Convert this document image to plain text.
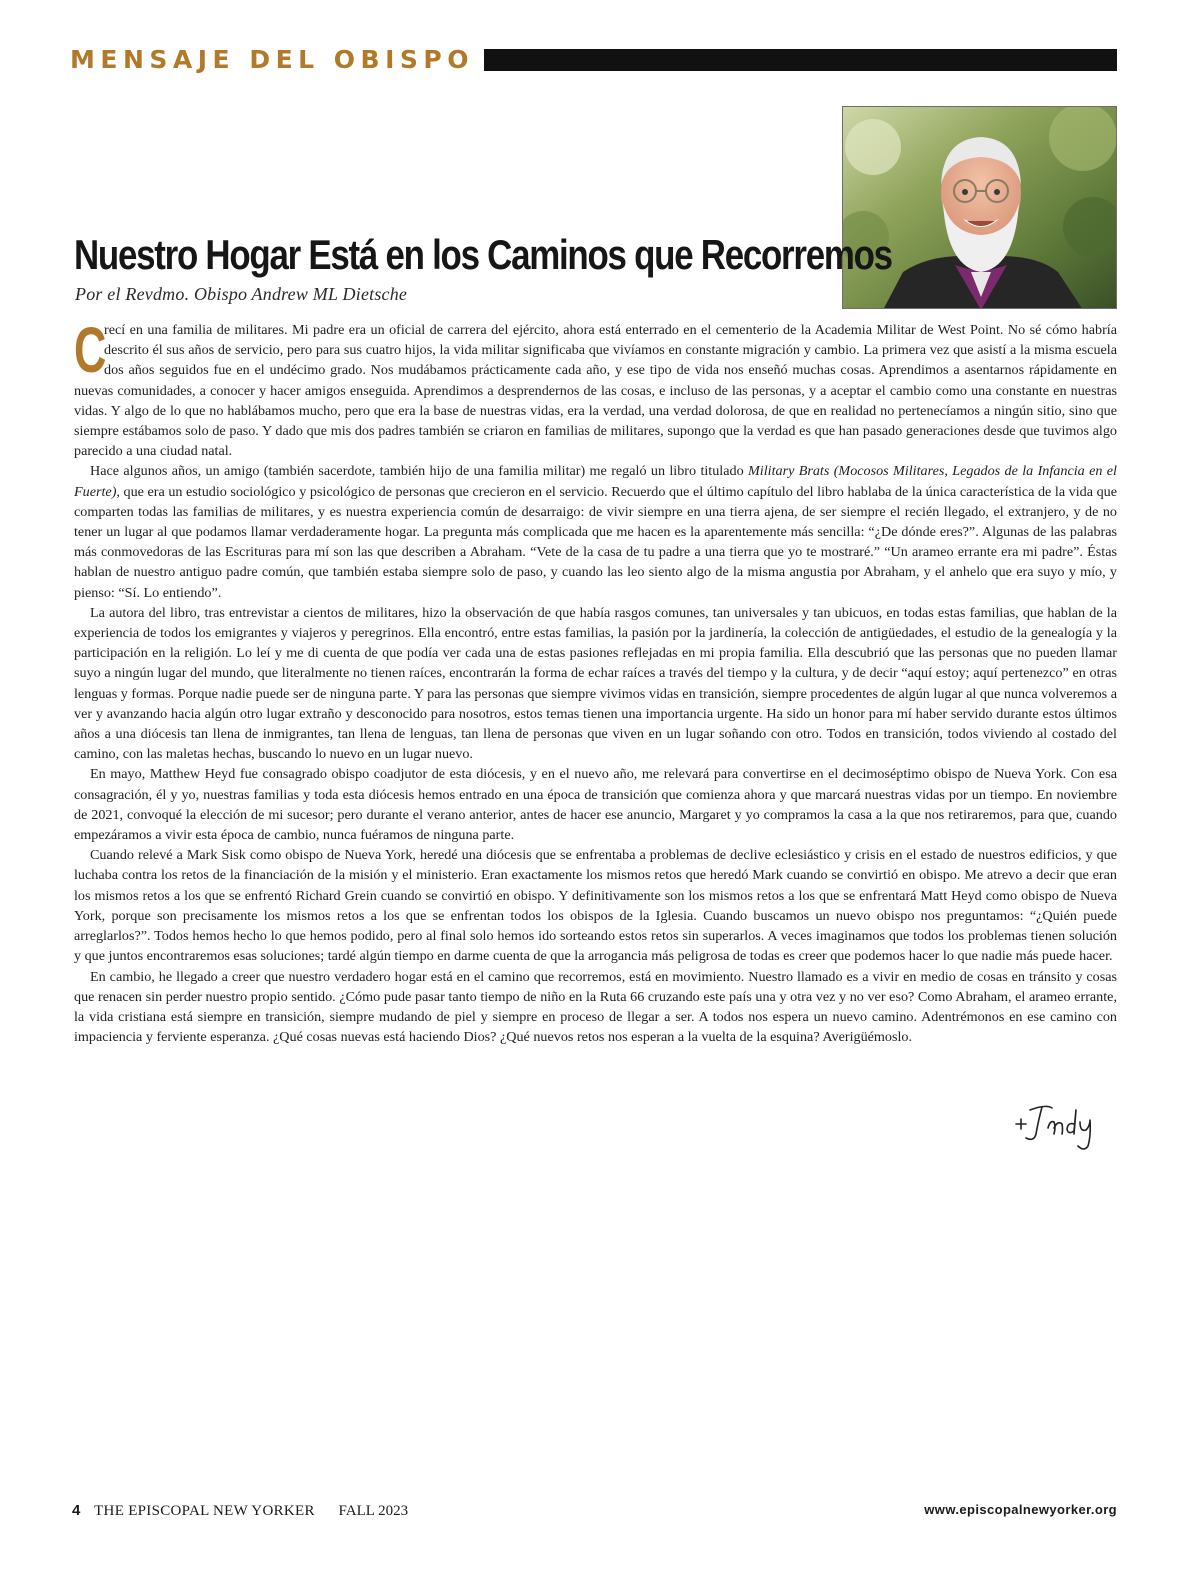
MENSAJE DEL OBISPO
Nuestro Hogar Está en los Caminos que Recorremos
Por el Revdmo. Obispo Andrew ML Dietsche

C
recí en una familia de militares. Mi padre era un oficial de carrera del ejército, ahora está enterrado en el cementerio de la Academia Militar de West Point. No sé cómo habría descrito él sus años de servicio, pero para sus cuatro hijos, la vida militar significaba que vivíamos en constante migración y cambio. La primera vez que asistí a la misma escuela dos años seguidos fue en el undécimo grado. Nos mudábamos prácticamente cada año, y ese tipo de vida nos enseñó muchas cosas. Aprendimos a asentarnos rápidamente en nuevas comunidades, a conocer y hacer amigos enseguida. Aprendimos a desprendernos de las cosas, e incluso de las personas, y a aceptar el cambio como una constante en nuestras vidas. Y algo de lo que no hablábamos mucho, pero que era la base de nuestras vidas, era la verdad, una verdad dolorosa, de que en realidad no pertenecíamos a ningún sitio, sino que siempre estábamos solo de paso. Y dado que mis dos padres también se criaron en familias de militares, supongo que la verdad es que han pasado generaciones desde que tuvimos algo parecido a una ciudad natal.

Hace algunos años, un amigo (también sacerdote, también hijo de una familia militar) me regaló un libro titulado Military Brats (Mocosos Militares, Legados de la Infancia en el Fuerte), que era un estudio sociológico y psicológico de personas que crecieron en el servicio. Recuerdo que el último capítulo del libro hablaba de la única característica de la vida que comparten todas las familias de militares, y es nuestra experiencia común de desarraigo: de vivir siempre en una tierra ajena, de ser siempre el recién llegado, el extranjero, y de no tener un lugar al que podamos llamar verdaderamente hogar. La pregunta más complicada que me hacen es la aparentemente más sencilla: “¿De dónde eres?”. Algunas de las palabras más conmovedoras de las Escrituras para mí son las que describen a Abraham. “Vete de la casa de tu padre a una tierra que yo te mostraré.” “Un arameo errante era mi padre”. Éstas hablan de nuestro antiguo padre común, que también estaba siempre solo de paso, y cuando las leo siento algo de la misma angustia por Abraham, y el anhelo que era suyo y mío, y pienso: “Sí. Lo entiendo”.

La autora del libro, tras entrevistar a cientos de militares, hizo la observación de que había rasgos comunes, tan universales y tan ubicuos, en todas estas familias, que hablan de la experiencia de todos los emigrantes y viajeros y peregrinos. Ella encontró, entre estas familias, la pasión por la jardinería, la colección de antigüedades, el estudio de la genealogía y la participación en la religión. Lo leí y me di cuenta de que podía ver cada una de estas pasiones reflejadas en mi propia familia. Ella descubrió que las personas que no pueden llamar suyo a ningún lugar del mundo, que literalmente no tienen raíces, encontrarán la forma de echar raíces a través del tiempo y la cultura, y de decir “aquí estoy; aquí pertenezco” en otras lenguas y formas. Porque nadie puede ser de ninguna parte. Y para las personas que siempre vivimos vidas en transición, siempre procedentes de algún lugar al que nunca volveremos a ver y avanzando hacia algún otro lugar extraño y desconocido para nosotros, estos temas tienen una importancia urgente. Ha sido un honor para mí haber servido durante estos últimos años a una diócesis tan llena de inmigrantes, tan llena de lenguas, tan llena de personas que viven en un lugar soñando con otro. Todos en transición, todos viviendo al costado del camino, con las maletas hechas, buscando lo nuevo en un lugar nuevo.

En mayo, Matthew Heyd fue consagrado obispo coadjutor de esta diócesis, y en el nuevo año, me relevará para convertirse en el decimoséptimo obispo de Nueva York. Con esa consagración, él y yo, nuestras familias y toda esta diócesis hemos entrado en una época de transición que comienza ahora y que marcará nuestras vidas por un tiempo. En noviembre de 2021, convoqué la elección de mi sucesor; pero durante el verano anterior, antes de hacer ese anuncio, Margaret y yo compramos la casa a la que nos retiraremos, para que, cuando empezáramos a vivir esta época de cambio, nunca fuéramos de ninguna parte.

Cuando relevé a Mark Sisk como obispo de Nueva York, heredé una diócesis que se enfrentaba a problemas de declive eclesiástico y crisis en el estado de nuestros edificios, y que luchaba contra los retos de la financiación de la misión y el ministerio. Eran exactamente los mismos retos que heredó Mark cuando se convirtió en obispo. Me atrevo a decir que eran los mismos retos a los que se enfrentó Richard Grein cuando se convirtió en obispo. Y definitivamente son los mismos retos a los que se enfrentará Matt Heyd como obispo de Nueva York, porque son precisamente los mismos retos a los que se enfrentan todos los obispos de la Iglesia. Cuando buscamos un nuevo obispo nos preguntamos: “¿Quién puede arreglarlos?”. Todos hemos hecho lo que hemos podido, pero al final solo hemos ido sorteando estos retos sin superarlos. A veces imaginamos que todos los problemas tienen solución y que juntos encontraremos esas soluciones; tardé algún tiempo en darme cuenta de que la arrogancia más peligrosa de todas es creer que podemos hacer lo que nadie más puede hacer.

En cambio, he llegado a creer que nuestro verdadero hogar está en el camino que recorremos, está en movimiento. Nuestro llamado es a vivir en medio de cosas en tránsito y cosas que renacen sin perder nuestro propio sentido. ¿Cómo pude pasar tanto tiempo de niño en la Ruta 66 cruzando este país una y otra vez y no ver eso? Como Abraham, el arameo errante, la vida cristiana está siempre en transición, siempre mudando de piel y siempre en proceso de llegar a ser. A todos nos espera un nuevo camino. Adentrémonos en ese camino con impaciencia y ferviente esperanza. ¿Qué cosas nuevas está haciendo Dios? ¿Qué nuevos retos nos esperan a la vuelta de la esquina? Averigüémoslo.

4 THE EPISCOPAL NEW YORKER FALL 2023	www.episcopalnewyorker.org
